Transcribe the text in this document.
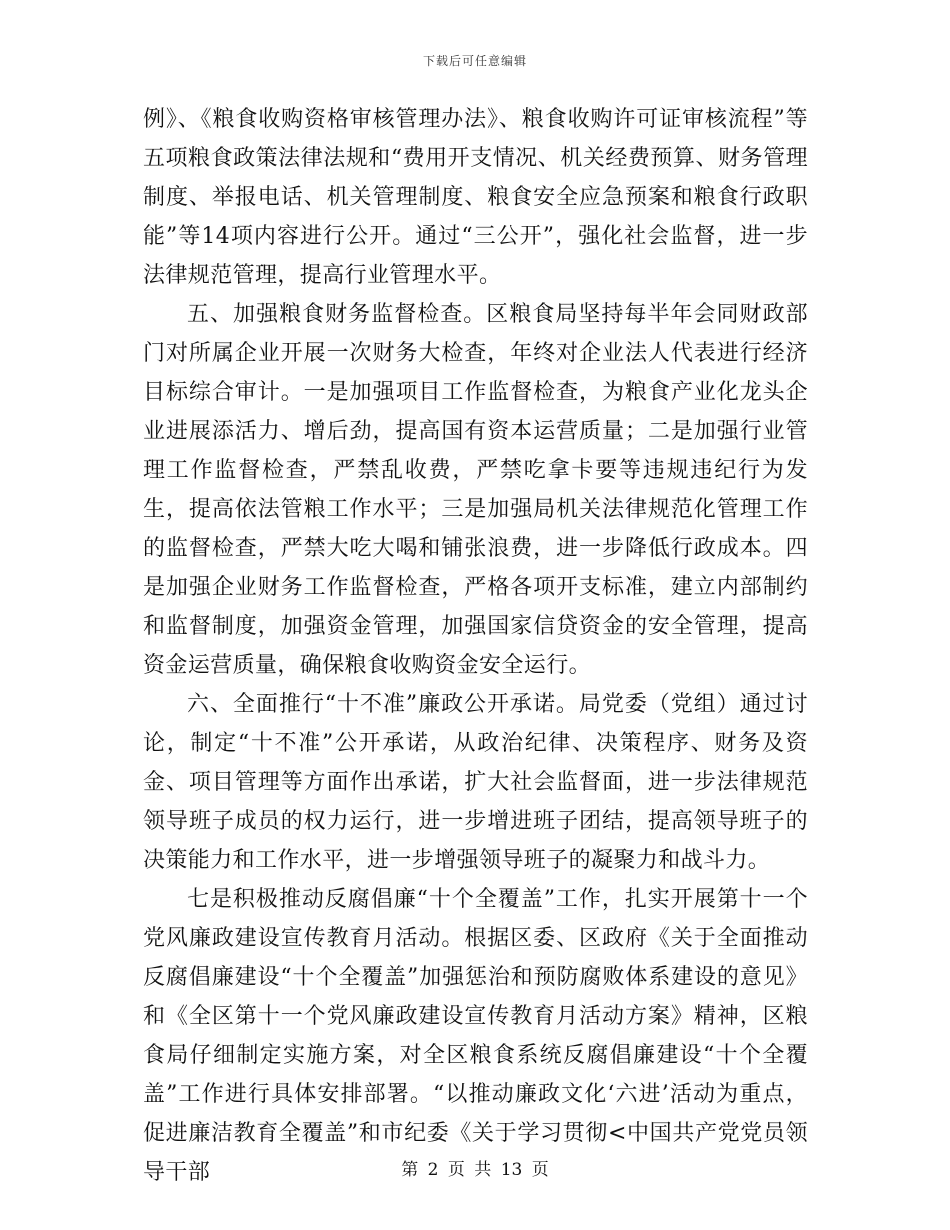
下载后可任意编辑

例》、《粮食收购资格审核管理办法》、粮食收购许可证审核流程”等五项粮食政策法律法规和“费用开支情况、机关经费预算、财务管理制度、举报电话、机关管理制度、粮食安全应急预案和粮食行政职能”等14项内容进行公开。通过“三公开”，强化社会监督，进一步法律规范管理，提高行业管理水平。

五、加强粮食财务监督检查。区粮食局坚持每半年会同财政部门对所属企业开展一次财务大检查，年终对企业法人代表进行经济目标综合审计。一是加强项目工作监督检查，为粮食产业化龙头企业进展添活力、增后劲，提高国有资本运营质量；二是加强行业管理工作监督检查，严禁乱收费，严禁吃拿卡要等违规违纪行为发生，提高依法管粮工作水平；三是加强局机关法律规范化管理工作的监督检查，严禁大吃大喝和铺张浪费，进一步降低行政成本。四是加强企业财务工作监督检查，严格各项开支标准，建立内部制约和监督制度，加强资金管理，加强国家信贷资金的安全管理，提高资金运营质量，确保粮食收购资金安全运行。

六、全面推行“十不准”廉政公开承诺。局党委（党组）通过讨论，制定“十不准”公开承诺，从政治纪律、决策程序、财务及资金、项目管理等方面作出承诺，扩大社会监督面，进一步法律规范领导班子成员的权力运行，进一步增进班子团结，提高领导班子的决策能力和工作水平，进一步增强领导班子的凝聚力和战斗力。

七是积极推动反腐倡廉“十个全覆盖”工作，扎实开展第十一个党风廉政建设宣传教育月活动。根据区委、区政府《关于全面推动反腐倡廉建设“十个全覆盖”加强惩治和预防腐败体系建设的意见》和《全区第十一个党风廉政建设宣传教育月活动方案》精神，区粮食局仔细制定实施方案，对全区粮食系统反腐倡廉建设“十个全覆盖”工作进行具体安排部署。“以推动廉政文化‘六进’活动为重点，促进廉洁教育全覆盖”和市纪委《关于学习贯彻<中国共产党党员领导干部	第 2 页 共 13 页
